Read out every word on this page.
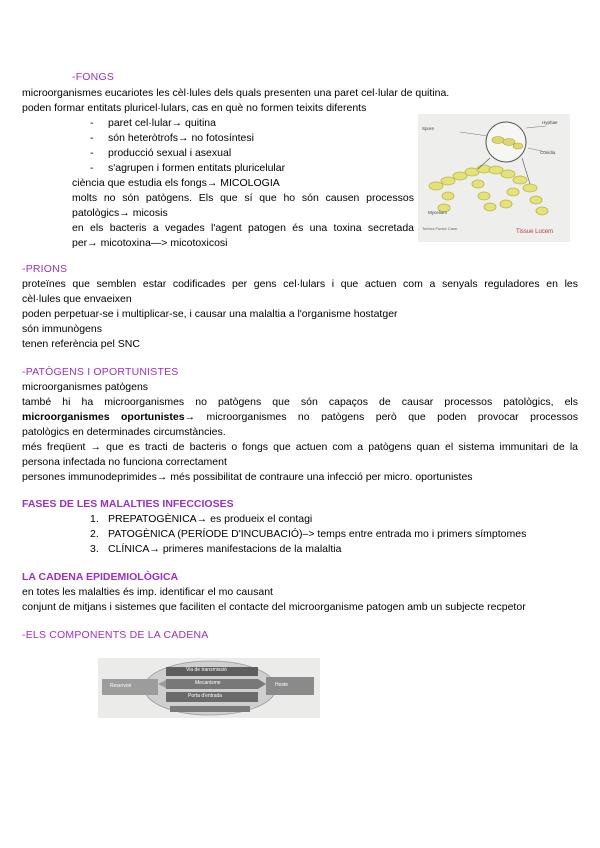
-FONGS
microorganismes eucariotes les cèl·lules dels quals presenten una paret cel·lular de quitina.
poden formar entitats pluricel·lulars, cas en què no formen teixits diferents
- paret cel·lular→ quitina
- són heteròtrofs→ no fotosíntesi
- producció sexual i asexual
- s'agrupen i formen entitats pluricelular
ciència que estudia els fongs→ MICOLOGIA
molts no són patògens. Els que sí que ho són causen processos
patològics→ micosis
en els bacteris a vegades l'agent patogen és una toxina secretada
per→ micotoxina—> micotoxicosi
Spore
Hyphae
Conidia
Mycelium
Tortora Funke Case
Tissue Lucem
-PRIONS
proteïnes que semblen estar codificades per gens cel·lulars i que actuen com a senyals reguladores en les
cèl·lules que envaeixen
poden perpetuar-se i multiplicar-se, i causar una malaltia a l'organisme hostatger
són immunògens
tenen referència pel SNC
-PATÒGENS I OPORTUNISTES
microorganismes patògens
també hi ha microorganismes no patògens que són capaços de causar processos patològics, els
microorganismes oportunistes→ microorganismes no patògens però que poden provocar processos
patològics en determinades circumstàncies.
més freqüent → que es tracti de bacteris o fongs que actuen com a patògens quan el sistema immunitari de la
persona infectada no funciona correctament
persones immunodeprimides→ més possibilitat de contraure una infecció per micro. oportunistes
FASES DE LES MALALTIES INFECCIOSES
1. PREPATOGÈNICA→ es produeix el contagi
2. PATOGÈNICA (PERÍODE D'INCUBACIÓ)–> temps entre entrada mo i primers símptomes
3. CLÍNICA→ primeres manifestacions de la malaltia
LA CADENA EPIDEMIOLÒGICA
en totes les malalties és imp. identificar el mo causant
conjunt de mitjans i sistemes que faciliten el contacte del microorganisme patogen amb un subjecte recpetor
-ELS COMPONENTS DE LA CADENA
Reservori	Hoste
Via de transmissió
Mecanisme
Porta d'entrada
